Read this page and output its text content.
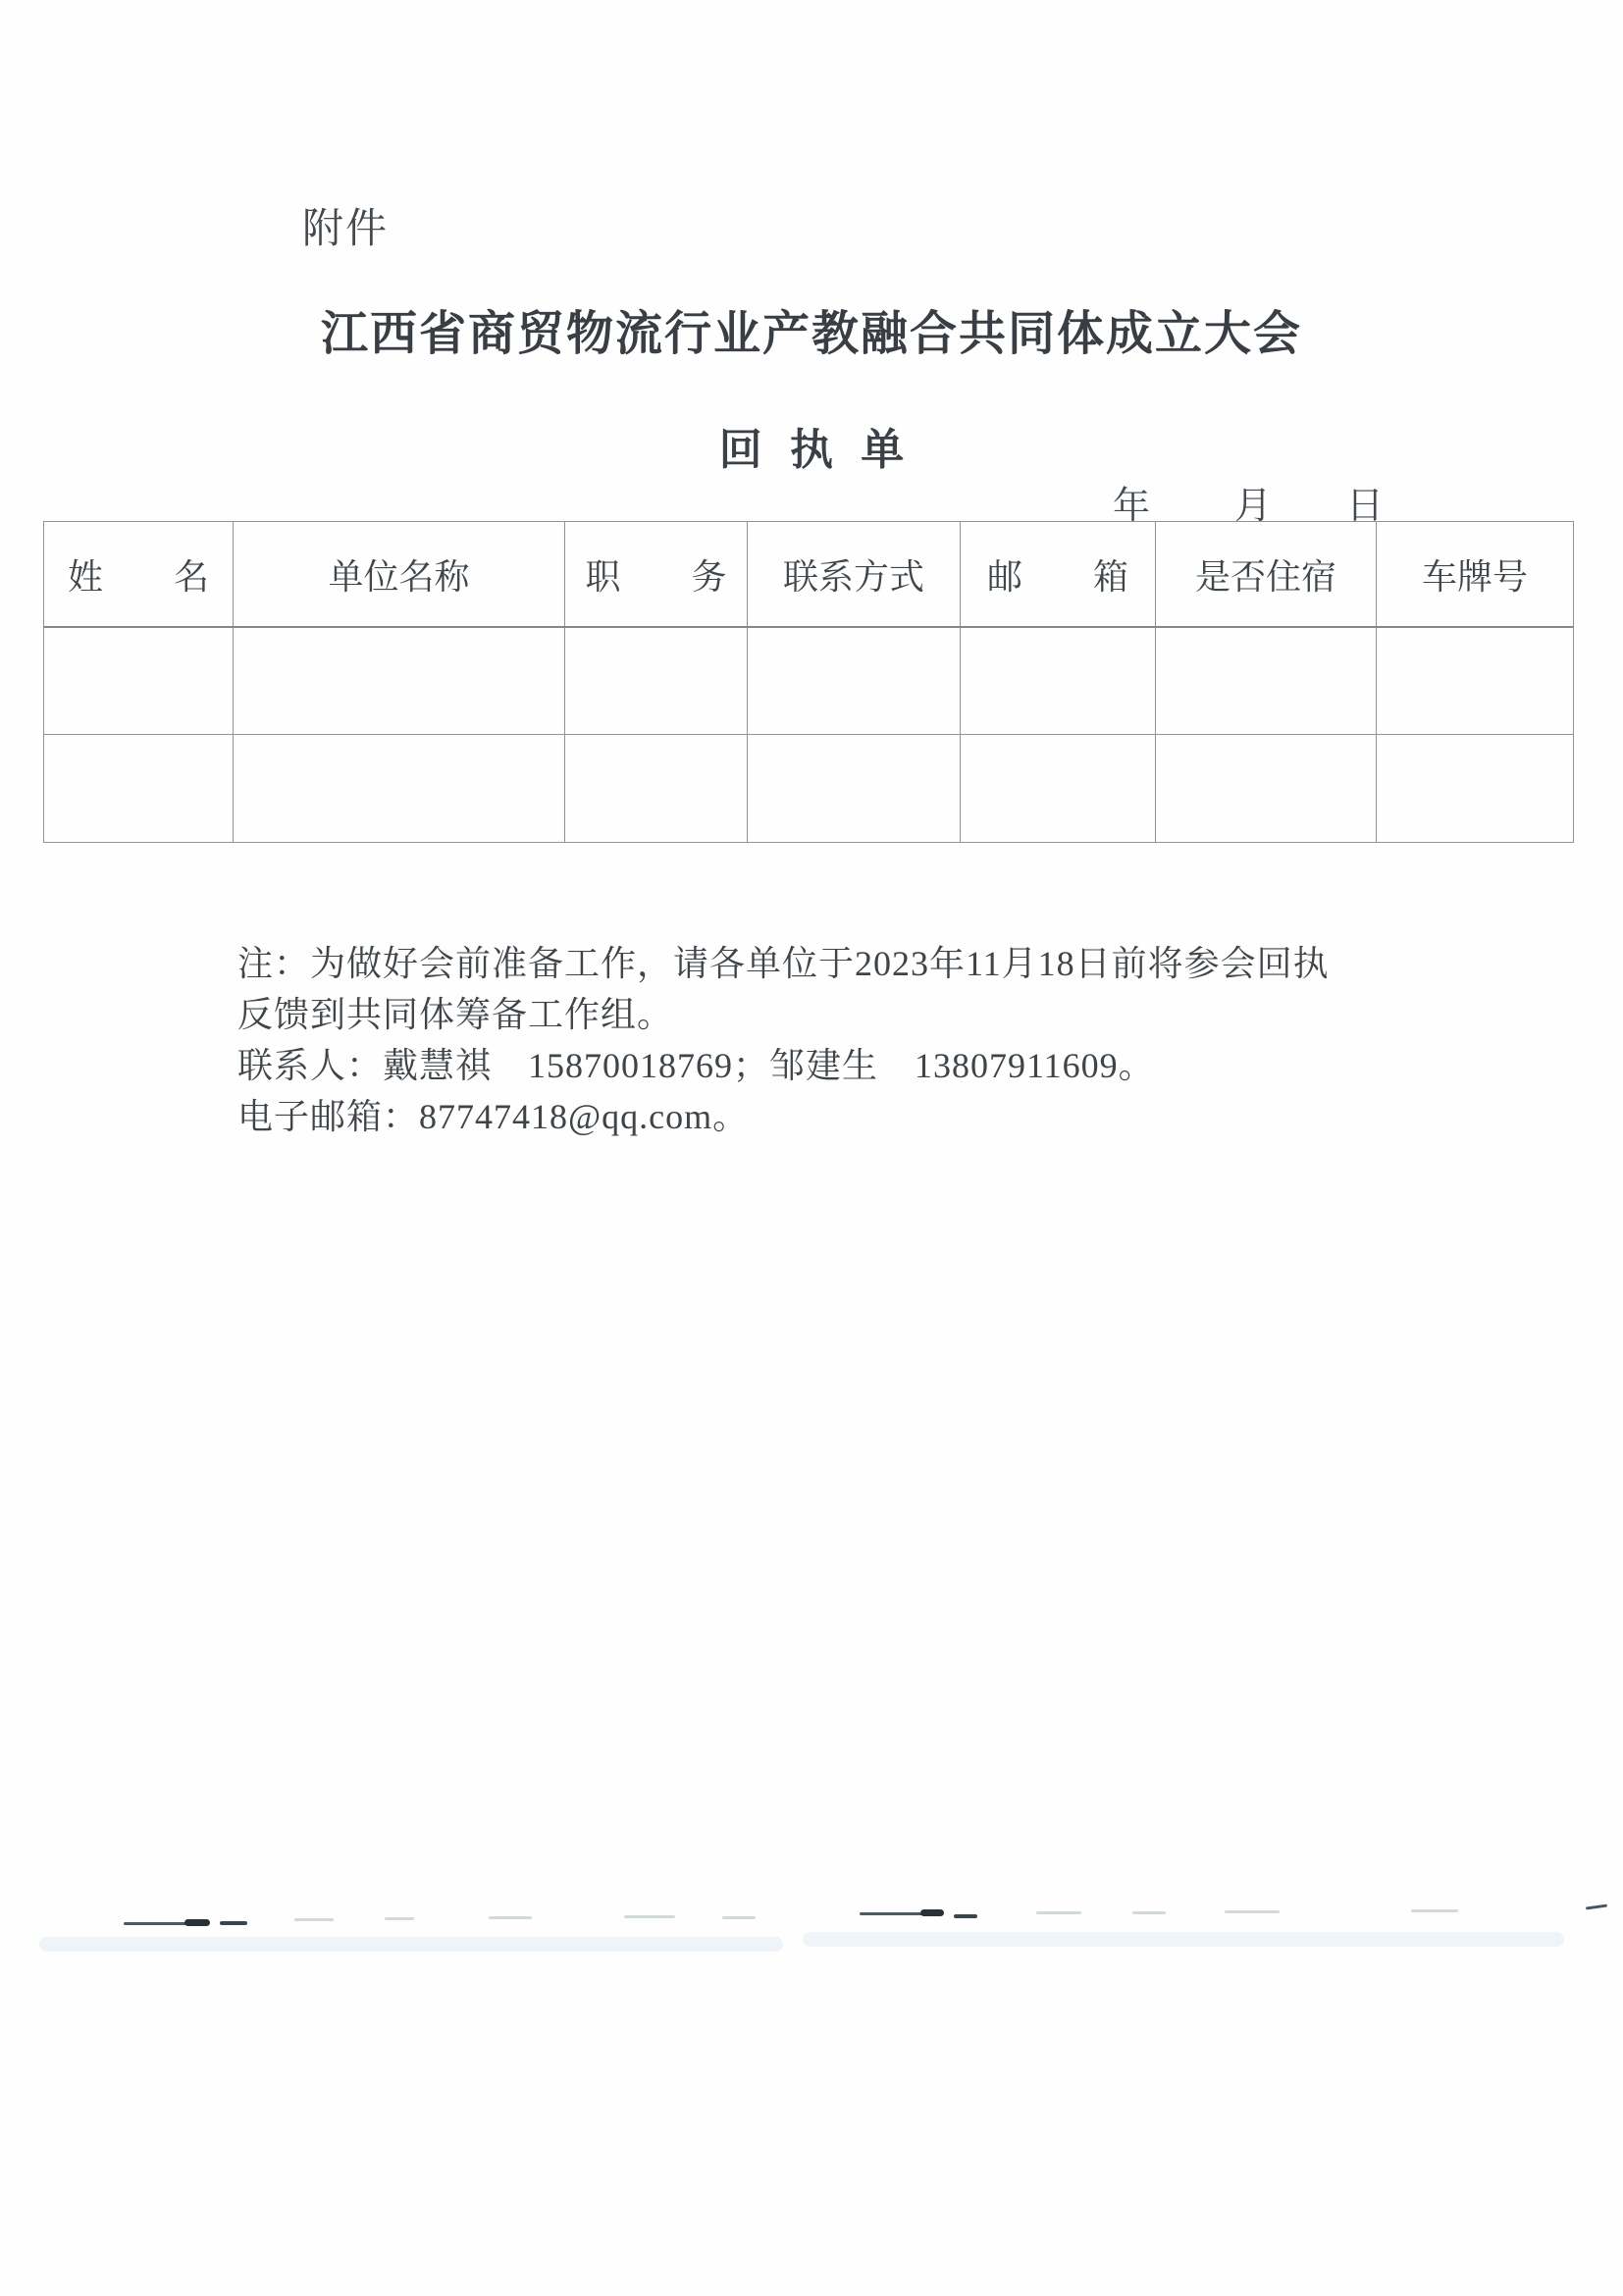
附件
江西省商贸物流行业产教融合共同体成立大会
回 执 单
年 月 日
姓　　名	单位名称	职　　务	联系方式	邮　　箱	是否住宿	车牌号

注：为做好会前准备工作，请各单位于2023年11月18日前将参会回执
反馈到共同体筹备工作组。
联系人：戴慧祺　15870018769；邹建生　13807911609。
电子邮箱：87747418@qq.com。
